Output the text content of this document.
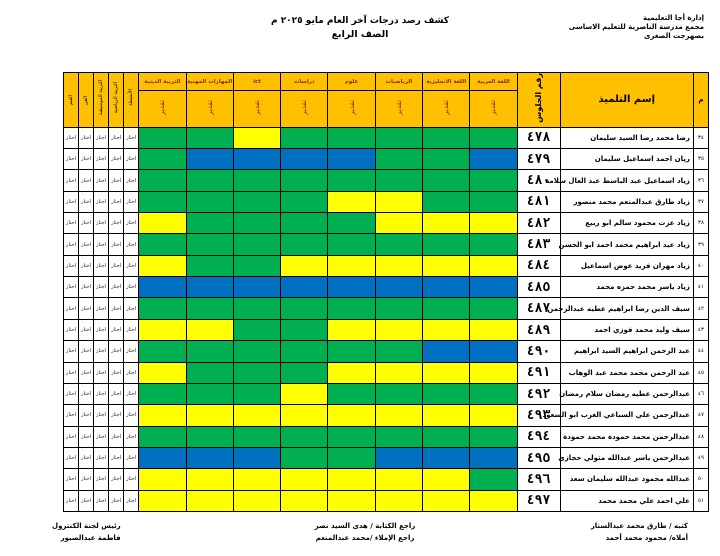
إدارة أجا التعليمية
مجمع مدرسة الناصرية للتعليم الاساسى
بصهرجت الصغرى
كشف رصد درجات آخر العام مايو ٢٠٢٥ م
الصف الرابع
القيم	الفن	التربية الموسيقية	التربية الرياضية	الأنشطة	التربية الدينية	المهارات المهنية	ict	دراسات	علوم	الرياضيات	اللغة الانجليزية	اللغة العربية	رقم الجلوس	إسم التلميذ	م
					تقدير	تقدير	تقدير	تقدير	تقدير	تقدير	تقدير	تقدير			
اجتاز	اجتاز	اجتاز	اجتاز	اجتاز									٤٧٨	رضا محمد رضا السيد سليمان	٣٤
اجتاز	اجتاز	اجتاز	اجتاز	اجتاز									٤٧٩	ريان احمد اسماعيل سليمان	٣٥
اجتاز	اجتاز	اجتاز	اجتاز	اجتاز									٤٨٠	زياد اسماعيل عبد الباسط عبد العال سلامه	٣٦
اجتاز	اجتاز	اجتاز	اجتاز	اجتاز									٤٨١	زياد طارق عبدالمنعم محمد منصور	٣٧
اجتاز	اجتاز	اجتاز	اجتاز	اجتاز									٤٨٢	زياد عزت محمود سالم ابو ربيع	٣٨
اجتاز	اجتاز	اجتاز	اجتاز	اجتاز									٤٨٣	زياد عيد ابراهيم محمد احمد ابو الحسن	٣٩
اجتاز	اجتاز	اجتاز	اجتاز	اجتاز									٤٨٤	زياد مهران فريد عوض اسماعيل	٤٠
اجتاز	اجتاز	اجتاز	اجتاز	اجتاز									٤٨٥	زياد ياسر محمد حمزه محمد	٤١
اجتاز	اجتاز	اجتاز	اجتاز	اجتاز									٤٨٧	سيف الدين رضا ابراهيم عطيه عبدالرحمن	٤٢
اجتاز	اجتاز	اجتاز	اجتاز	اجتاز									٤٨٩	سيف وليد محمد فوزي احمد	٤٣
اجتاز	اجتاز	اجتاز	اجتاز	اجتاز									٤٩٠	عبد الرحمن ابراهيم السيد ابراهيم	٤٤
اجتاز	اجتاز	اجتاز	اجتاز	اجتاز									٤٩١	عبد الرحمن محمد محمد عبد الوهاب	٤٥
اجتاز	اجتاز	اجتاز	اجتاز	اجتاز									٤٩٢	عبدالرحمن عطيه رمضان سلام رمضان	٤٦
اجتاز	اجتاز	اجتاز	اجتاز	اجتاز									٤٩٣	عبدالرحمن علي السباعي الغرب ابو السعود	٤٧
اجتاز	اجتاز	اجتاز	اجتاز	اجتاز									٤٩٤	عبدالرحمن محمد حمودة محمد حمودة	٤٨
اجتاز	اجتاز	اجتاز	اجتاز	اجتاز									٤٩٥	عبدالرحمن ياسر عبدالله متولي حجازي	٤٩
اجتاز	اجتاز	اجتاز	اجتاز	اجتاز									٤٩٦	عبدالله محمود عبدالله سليمان سعد	٥٠
اجتاز	اجتاز	اجتاز	اجتاز	اجتاز									٤٩٧	علي احمد علي محمد محمد	٥١
كتبه / طارق محمد عبدالستار
أملاه/ محمود محمد أحمد
راجع الكتابة / هدى السيد نصر
راجع الإملاء /محمد عبدالمنعم
رئيس لجنة الكنترول
فاطمة عبدالصبور
